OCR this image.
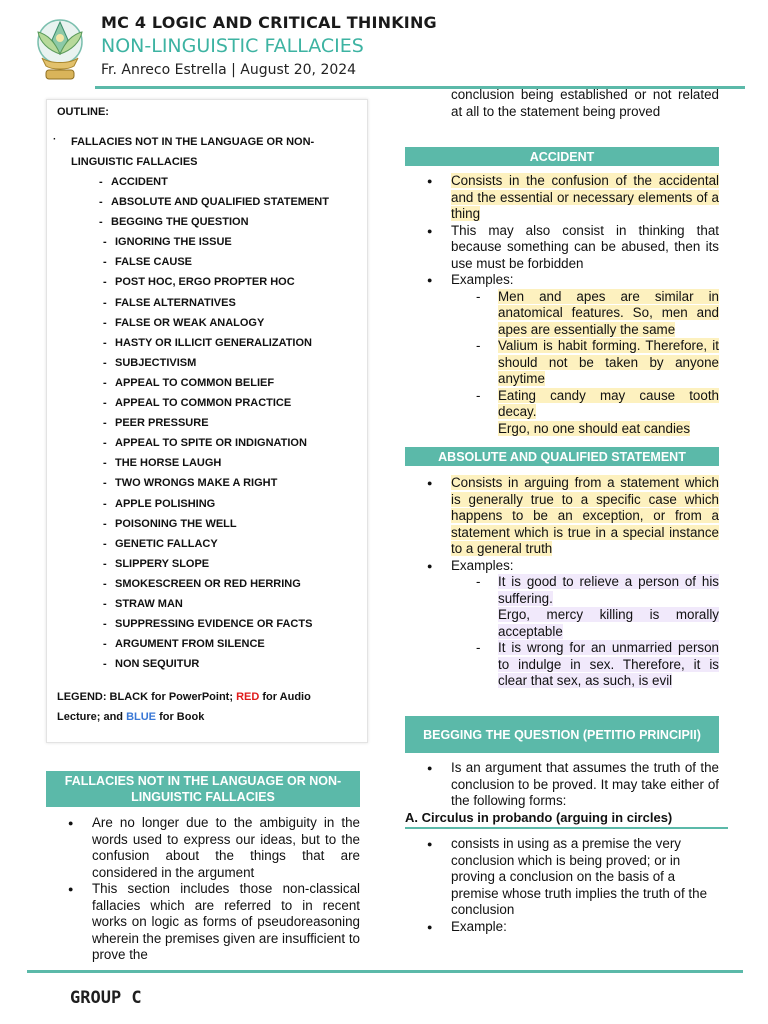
MC 4 LOGIC AND CRITICAL THINKING
NON-LINGUISTIC FALLACIES
Fr. Anreco Estrella | August 20, 2024
OUTLINE:
· FALLACIES NOT IN THE LANGUAGE OR NON-LINGUISTIC FALLACIES
- ACCIDENT
- ABSOLUTE AND QUALIFIED STATEMENT
- BEGGING THE QUESTION
- IGNORING THE ISSUE
- FALSE CAUSE
- POST HOC, ERGO PROPTER HOC
- FALSE ALTERNATIVES
- FALSE OR WEAK ANALOGY
- HASTY OR ILLICIT GENERALIZATION
- SUBJECTIVISM
- APPEAL TO COMMON BELIEF
- APPEAL TO COMMON PRACTICE
- PEER PRESSURE
- APPEAL TO SPITE OR INDIGNATION
- THE HORSE LAUGH
- TWO WRONGS MAKE A RIGHT
- APPLE POLISHING
- POISONING THE WELL
- GENETIC FALLACY
- SLIPPERY SLOPE
- SMOKESCREEN OR RED HERRING
- STRAW MAN
- SUPPRESSING EVIDENCE OR FACTS
- ARGUMENT FROM SILENCE
- NON SEQUITUR
LEGEND: BLACK for PowerPoint; RED for Audio Lecture; and BLUE for Book
FALLACIES NOT IN THE LANGUAGE OR NON-LINGUISTIC FALLACIES
● Are no longer due to the ambiguity in the words used to express our ideas, but to the confusion about the things that are considered in the argument
● This section includes those non-classical fallacies which are referred to in recent works on logic as forms of pseudoreasoning wherein the premises given are insufficient to prove the
conclusion being established or not related at all to the statement being proved
ACCIDENT
● Consists in the confusion of the accidental and the essential or necessary elements of a thing
● This may also consist in thinking that because something can be abused, then its use must be forbidden
● Examples:
- Men and apes are similar in anatomical features. So, men and apes are essentially the same
- Valium is habit forming. Therefore, it should not be taken by anyone anytime
- Eating candy may cause tooth decay.
Ergo, no one should eat candies
ABSOLUTE AND QUALIFIED STATEMENT
● Consists in arguing from a statement which is generally true to a specific case which happens to be an exception, or from a statement which is true in a special instance to a general truth
● Examples:
- It is good to relieve a person of his suffering.
Ergo, mercy killing is morally acceptable
- It is wrong for an unmarried person to indulge in sex. Therefore, it is clear that sex, as such, is evil
BEGGING THE QUESTION (PETITIO PRINCIPII)
● Is an argument that assumes the truth of the conclusion to be proved. It may take either of the following forms:
A. Circulus in probando (arguing in circles)
● consists in using as a premise the very conclusion which is being proved; or in proving a conclusion on the basis of a premise whose truth implies the truth of the conclusion
● Example:
GROUP C
